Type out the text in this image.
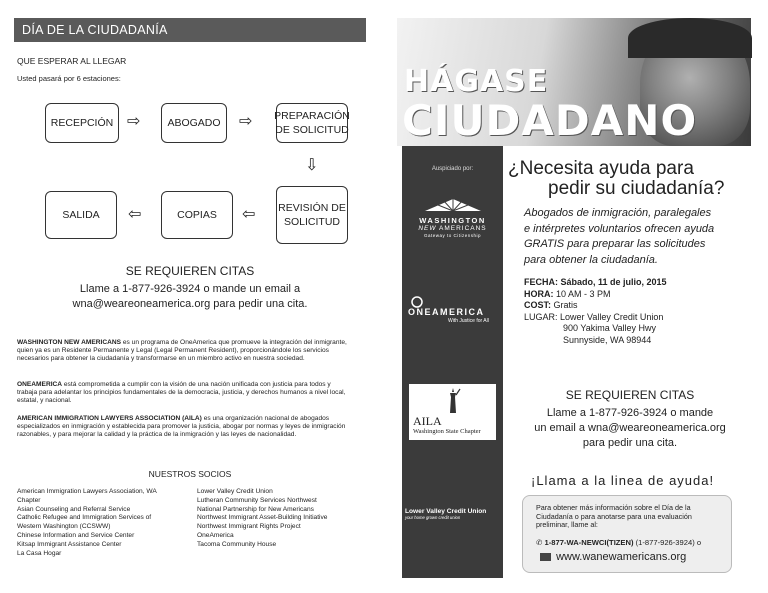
DÍA DE LA CIUDADANÍA
QUE ESPERAR AL LLEGAR
Usted pasará por 6 estaciones:
RECEPCIÓN ⇨	ABOGADO ⇨ PREPARACIÓN DE SOLICITUD
⇩
REVISIÓN DE SOLICITUD
⇦
COPIAS
⇦
SALIDA
SE REQUIEREN CITAS
Llame a 1-877-926-3924 o mande un email a
wna@weareoneamerica.org para pedir una cita.
WASHINGTON NEW AMERICANS es un programa de OneAmerica que promueve la integración del inmigrante, quien ya es un Residente Permanente y Legal (Legal Permanent Resident), proporcionándole los servicios necesarios para obtener la ciudadanía y transformarse en un miembro activo en nuestra sociedad.
ONEAMERICA está comprometida a cumplir con la visión de una nación unificada con justicia para todos y trabaja para adelantar los principios fundamentales de la democracia, justicia, y derechos humanos a nivel local, estatal, y nacional.
AMERICAN IMMIGRATION LAWYERS ASSOCIATION (AILA) es una organización nacional de abogados especializados en inmigración y establecida para promover la justicia, abogar por normas y leyes de inmigración razonables, y para mejorar la calidad y la práctica de la inmigración y las leyes de nacionalidad.
NUESTROS SOCIOS
American Immigration Lawyers Association, WA Chapter
Asian Counseling and Referral Service
Catholic Refugee and Immigration Services of Western Washington (CCSWW)
Chinese Information and Service Center
Kitsap Immigrant Assistance Center
La Casa Hogar
Lower Valley Credit Union
Lutheran Community Services Northwest
National Partnership for New Americans
Northwest Immigrant Asset-Building Initiative
Northwest Immigrant Rights Project
OneAmerica
Tacoma Community House
HÁGASE
CIUDADANO
Auspiciado por:
WASHINGTON
NEW AMERICANS
Gateway to Citizenship
ONEAMERICA
With Justice for All
AILA
Washington State Chapter
Lower Valley Credit Union
your home grown credit union
¿Necesita ayuda para
pedir su ciudadanía?
Abogados de inmigración, paralegales
e intérpretes voluntarios ofrecen ayuda
GRATIS para preparar las solicitudes
para obtener la ciudadanía.
FECHA: Sábado, 11 de julio, 2015
HORA: 10 AM - 3 PM
COST: Gratis
LUGAR: Lower Valley Credit Union
900 Yakima Valley Hwy
Sunnyside, WA 98944
SE REQUIEREN CITAS
Llame a 1-877-926-3924 o mande
un email a wna@weareoneamerica.org
para pedir una cita.
¡Llama a la linea de ayuda!
Para obtener más información sobre el Día de la Ciudadanía o para anotarse para una evaluación preliminar, llame al:
✆ 1-877-WA-NEWCI(TIZEN) (1-877-926-3924) o
www.wanewamericans.org
